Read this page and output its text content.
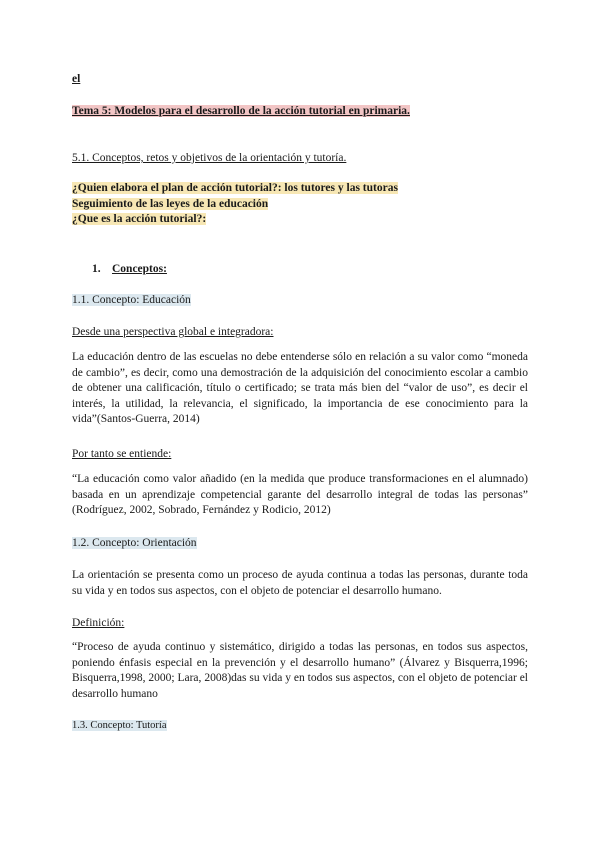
el
Tema 5: Modelos para el desarrollo de la acción tutorial en primaria.
5.1. Conceptos, retos y objetivos de la orientación y tutoría.
¿Quien elabora el plan de acción tutorial?: los tutores y las tutoras
Seguimiento de las leyes de la educación
¿Que es la acción tutorial?:
1. Conceptos:
1.1. Concepto: Educación
Desde una perspectiva global e integradora:
La educación dentro de las escuelas no debe entenderse sólo en relación a su valor como “moneda de cambio”, es decir, como una demostración de la adquisición del conocimiento escolar a cambio de obtener una calificación, título o certificado; se trata más bien del “valor de uso”, es decir el interés, la utilidad, la relevancia, el significado, la importancia de ese conocimiento para la vida”(Santos-Guerra, 2014)
Por tanto se entiende:
“La educación como valor añadido (en la medida que produce transformaciones en el alumnado) basada en un aprendizaje competencial garante del desarrollo integral de todas las personas” (Rodríguez, 2002, Sobrado, Fernández y Rodicio, 2012)
1.2. Concepto: Orientación
La orientación se presenta como un proceso de ayuda continua a todas las personas, durante toda su vida y en todos sus aspectos, con el objeto de potenciar el desarrollo humano.
Definición:
“Proceso de ayuda continuo y sistemático, dirigido a todas las personas, en todos sus aspectos, poniendo énfasis especial en la prevención y el desarrollo humano” (Álvarez y Bisquerra,1996; Bisquerra,1998, 2000; Lara, 2008)das su vida y en todos sus aspectos, con el objeto de potenciar el desarrollo humano
1.3. Concepto: Tutoría
